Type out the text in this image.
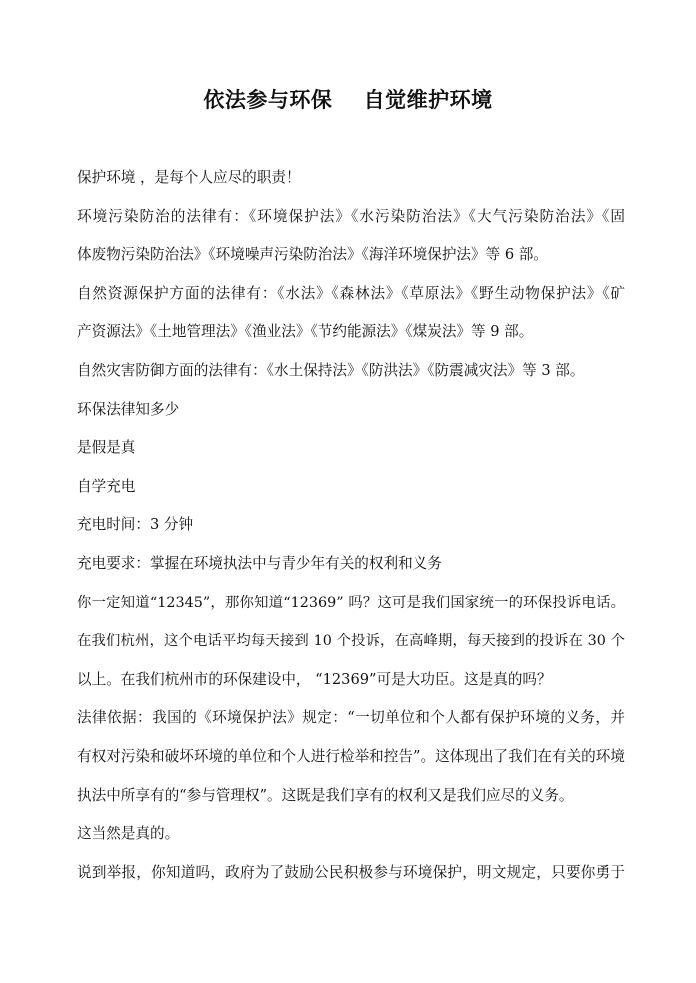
依法参与环保    自觉维护环境
保护环境 ，是每个人应尽的职责！
环境污染防治的法律有：《环境保护法》《水污染防治法》《大气污染防治法》《固
体废物污染防治法》《环境噪声污染防治法》《海洋环境保护法》等 6 部。
自然资源保护方面的法律有：《水法》《森林法》《草原法》《野生动物保护法》《矿
产资源法》《土地管理法》《渔业法》《节约能源法》《煤炭法》等 9 部。
自然灾害防御方面的法律有：《水土保持法》《防洪法》《防震减灾法》等 3 部。
环保法律知多少
是假是真
自学充电
充电时间：3 分钟
充电要求：掌握在环境执法中与青少年有关的权利和义务
你一定知道“12345”，那你知道“12369” 吗？这可是我们国家统一的环保投诉电话。
在我们杭州，这个电话平均每天接到 10 个投诉，在高峰期，每天接到的投诉在 30 个
以上。在我们杭州市的环保建设中， “12369”可是大功臣。这是真的吗？
法律依据：我国的《环境保护法》规定：“一切单位和个人都有保护环境的义务，并
有权对污染和破坏环境的单位和个人进行检举和控告”。这体现出了我们在有关的环境
执法中所享有的“参与管理权”。这既是我们享有的权利又是我们应尽的义务。
这当然是真的。
说到举报，你知道吗，政府为了鼓励公民积极参与环境保护，明文规定，只要你勇于
